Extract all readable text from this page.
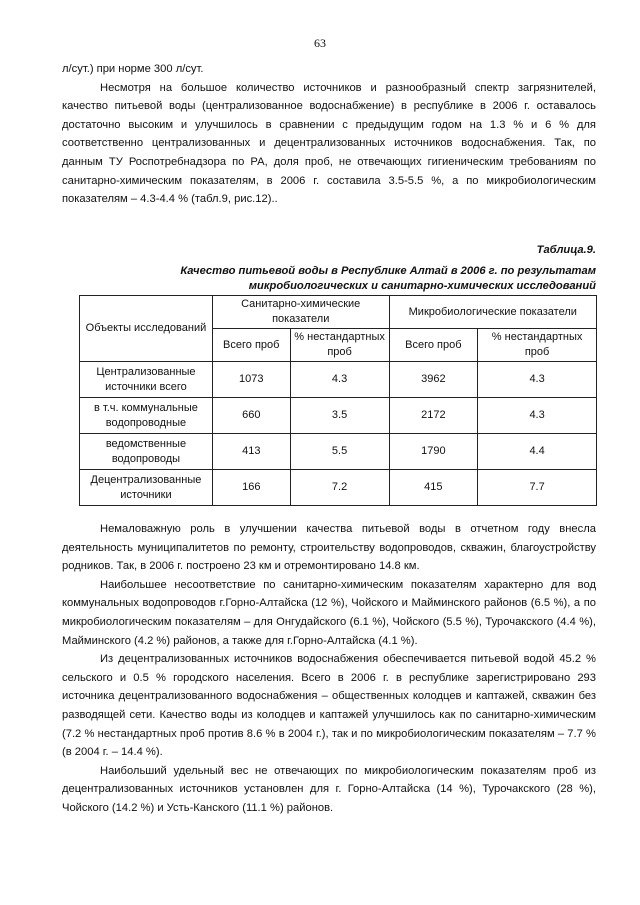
63

л/сут.) при норме 300 л/сут.

Несмотря на большое количество источников и разнообразный спектр загрязнителей, качество питьевой воды (централизованное водоснабжение) в республике в 2006 г. оставалось достаточно высоким и улучшилось в сравнении с предыдущим годом на 1.3 % и 6 % для соответственно централизованных и децентрализованных источников водоснабжения. Так, по данным ТУ Роспотребнадзора по РА, доля проб, не отвечающих гигиеническим требованиям по санитарно-химическим показателям, в 2006 г. составила 3.5-5.5 %, а по микробиологическим показателям – 4.3-4.4 % (табл.9, рис.12)..

Таблица.9.
Качество питьевой воды в Республике Алтай в 2006 г. по результатам
микробиологических и санитарно-химических исследований
Объекты исследований	Санитарно-химические показатели		Микробиологические показатели	
	Всего проб	% нестандартных проб	Всего проб	% нестандартных проб
Централизованные источники всего	1073	4.3	3962	4.3
в т.ч. коммунальные водопроводные	660	3.5	2172	4.3
ведомственные водопроводы	413	5.5	1790	4.4
Децентрализованные источники	166	7.2	415	7.7

Немаловажную роль в улучшении качества питьевой воды в отчетном году внесла деятельность муниципалитетов по ремонту, строительству водопроводов, скважин, благоустройству родников. Так, в 2006 г. построено 23 км и отремонтировано 14.8 км.

Наибольшее несоответствие по санитарно-химическим показателям характерно для вод коммунальных водопроводов г.Горно-Алтайска (12 %), Чойского и Майминского районов (6.5 %), а по микробиологическим показателям – для Онгудайского (6.1 %), Чойского (5.5 %), Турочакского (4.4 %), Майминского (4.2 %) районов, а также для г.Горно-Алтайска (4.1 %).

Из децентрализованных источников водоснабжения обеспечивается питьевой водой 45.2 % сельского и 0.5 % городского населения. Всего в 2006 г. в республике зарегистрировано 293 источника децентрализованного водоснабжения – общественных колодцев и каптажей, скважин без разводящей сети. Качество воды из колодцев и каптажей улучшилось как по санитарно-химическим (7.2 % нестандартных проб против 8.6 % в 2004 г.), так и по микробиологическим показателям – 7.7 % (в 2004 г. – 14.4 %).

Наибольший удельный вес не отвечающих по микробиологическим показателям проб из децентрализованных источников установлен для г. Горно-Алтайска (14 %), Турочакского (28 %), Чойского (14.2 %) и Усть-Канского (11.1 %) районов.
